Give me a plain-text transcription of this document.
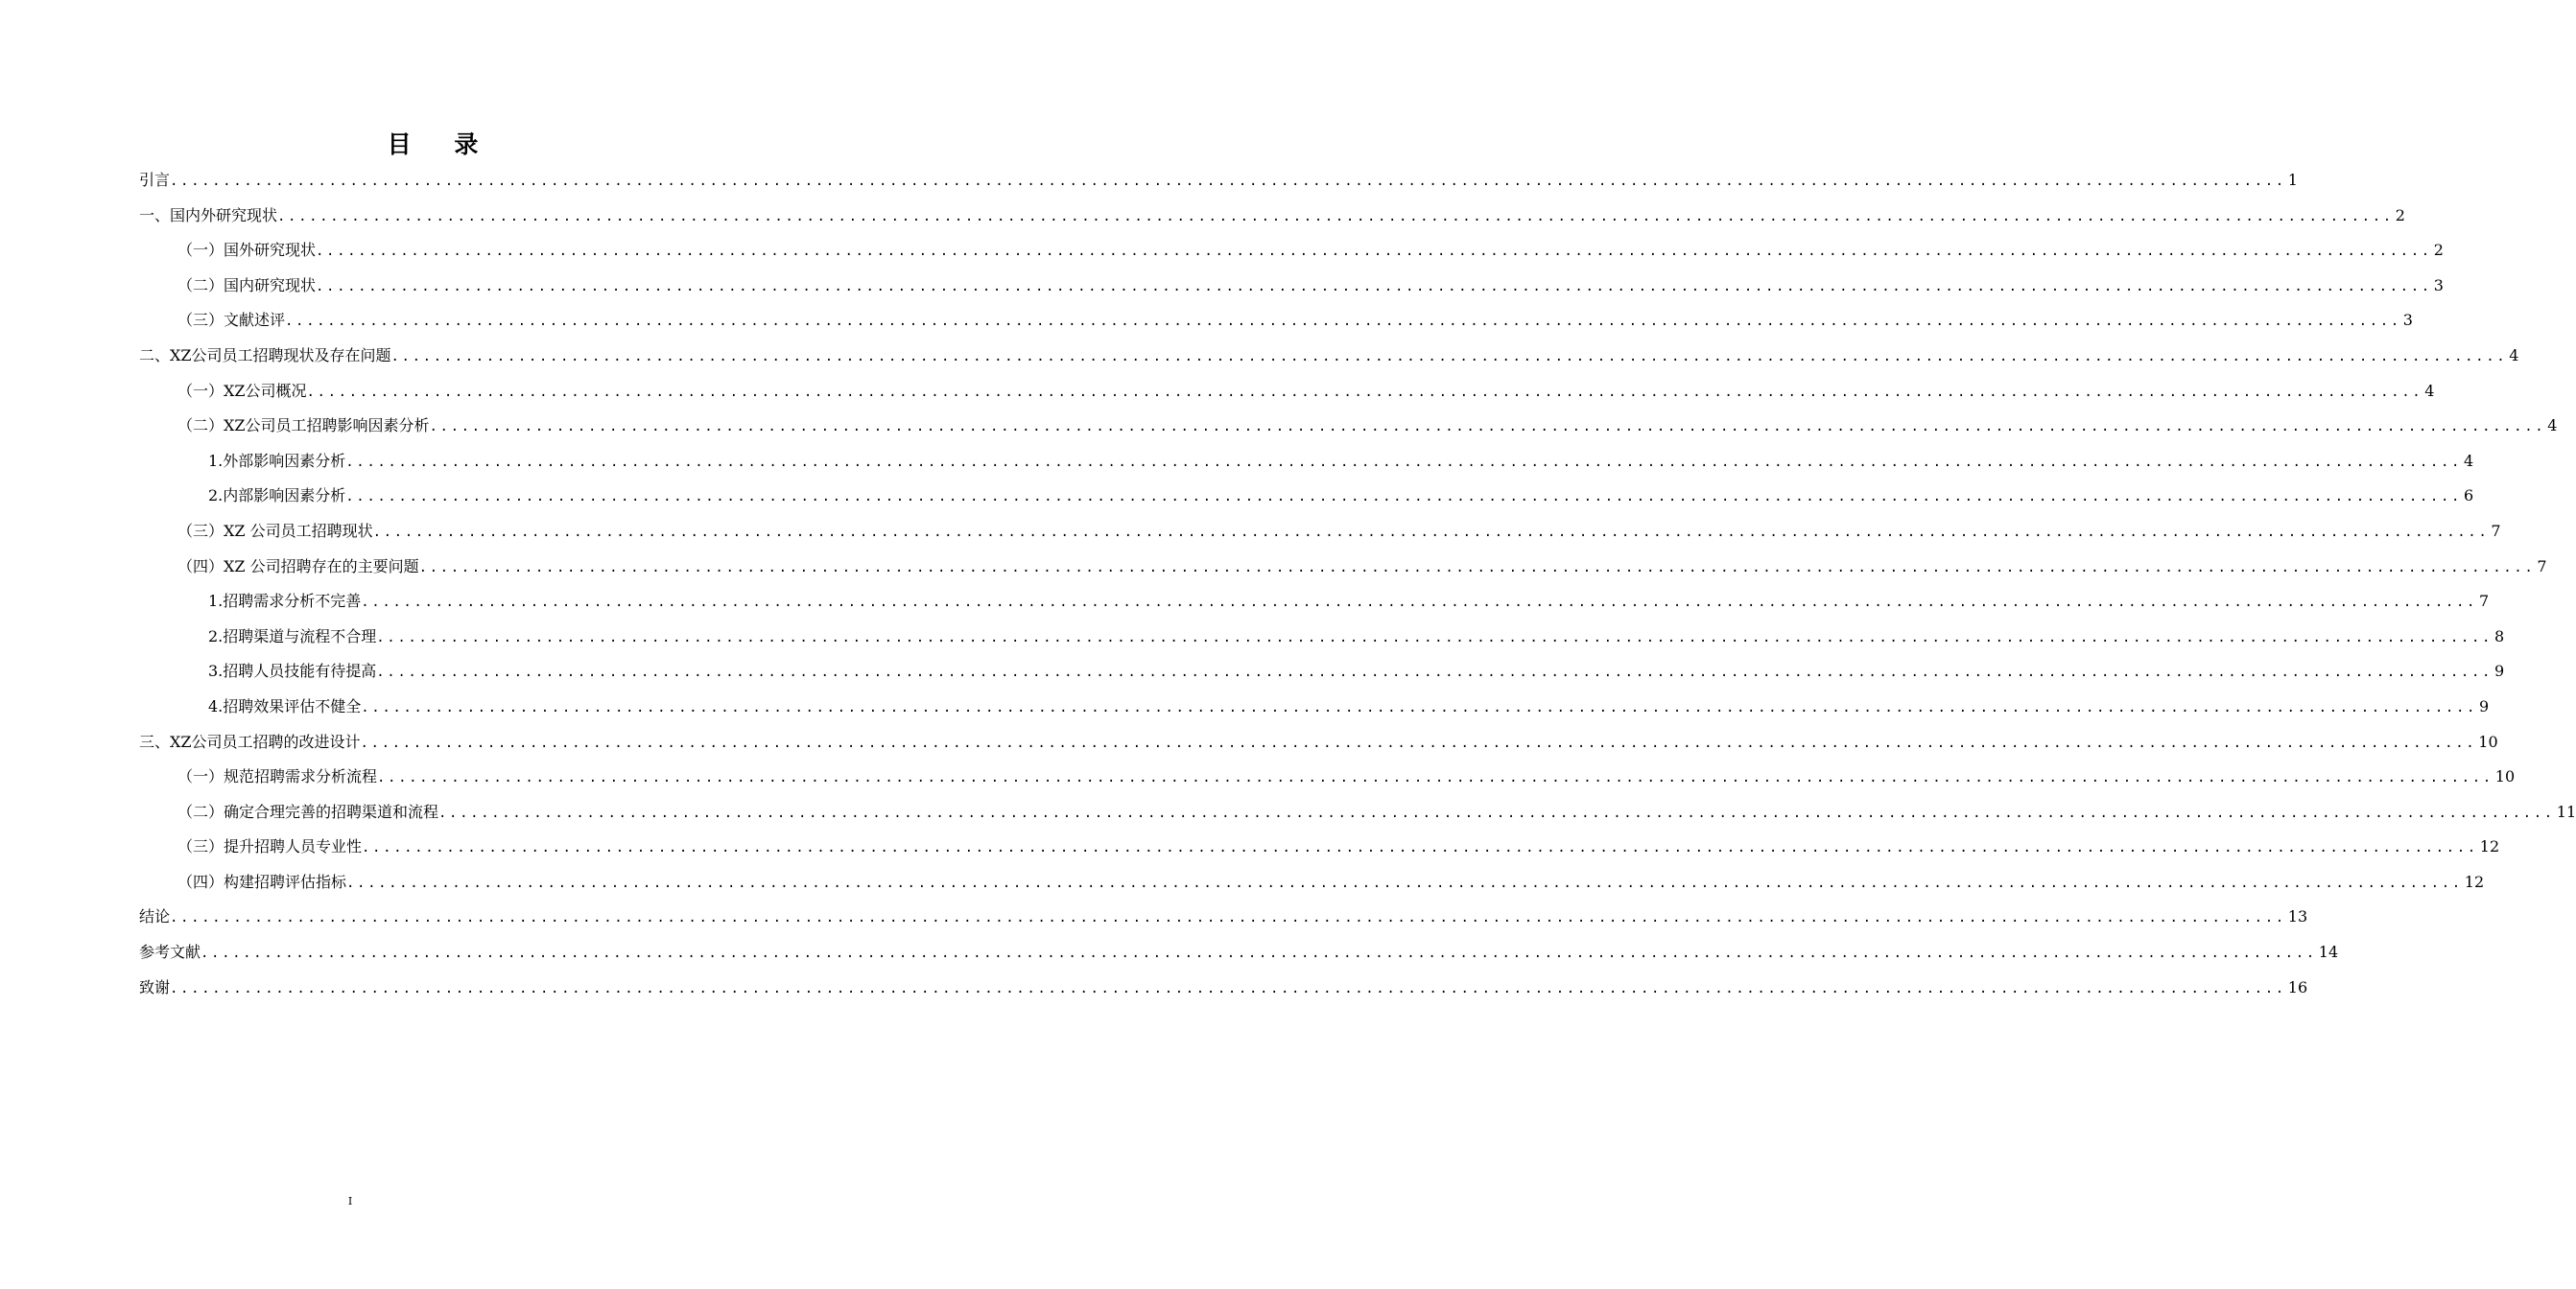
目 录
引言 ........................................................................................................................................................................................................ 1
一、国内外研究现状 ........................................................................................................................................................................................................ 2
（一）国外研究现状 ........................................................................................................................................................................................................ 2
（二）国内研究现状 ........................................................................................................................................................................................................ 3
（三）文献述评 ........................................................................................................................................................................................................ 3
二、XZ公司员工招聘现状及存在问题 ........................................................................................................................................................................................................ 4
（一）XZ公司概况 ........................................................................................................................................................................................................ 4
（二）XZ公司员工招聘影响因素分析 ........................................................................................................................................................................................................ 4
1.外部影响因素分析 ........................................................................................................................................................................................................ 4
2.内部影响因素分析 ........................................................................................................................................................................................................ 6
（三）XZ 公司员工招聘现状 ........................................................................................................................................................................................................ 7
（四）XZ 公司招聘存在的主要问题 ........................................................................................................................................................................................................ 7
1.招聘需求分析不完善 ........................................................................................................................................................................................................ 7
2.招聘渠道与流程不合理 ........................................................................................................................................................................................................ 8
3.招聘人员技能有待提高 ........................................................................................................................................................................................................ 9
4.招聘效果评估不健全 ........................................................................................................................................................................................................ 9
三、XZ公司员工招聘的改进设计 ........................................................................................................................................................................................................ 10
（一）规范招聘需求分析流程 ........................................................................................................................................................................................................ 10
（二）确定合理完善的招聘渠道和流程 ........................................................................................................................................................................................................ 11
（三）提升招聘人员专业性 ........................................................................................................................................................................................................ 12
（四）构建招聘评估指标 ........................................................................................................................................................................................................ 12
结论 ........................................................................................................................................................................................................ 13
参考文献 ........................................................................................................................................................................................................ 14
致谢 ........................................................................................................................................................................................................ 16
I
